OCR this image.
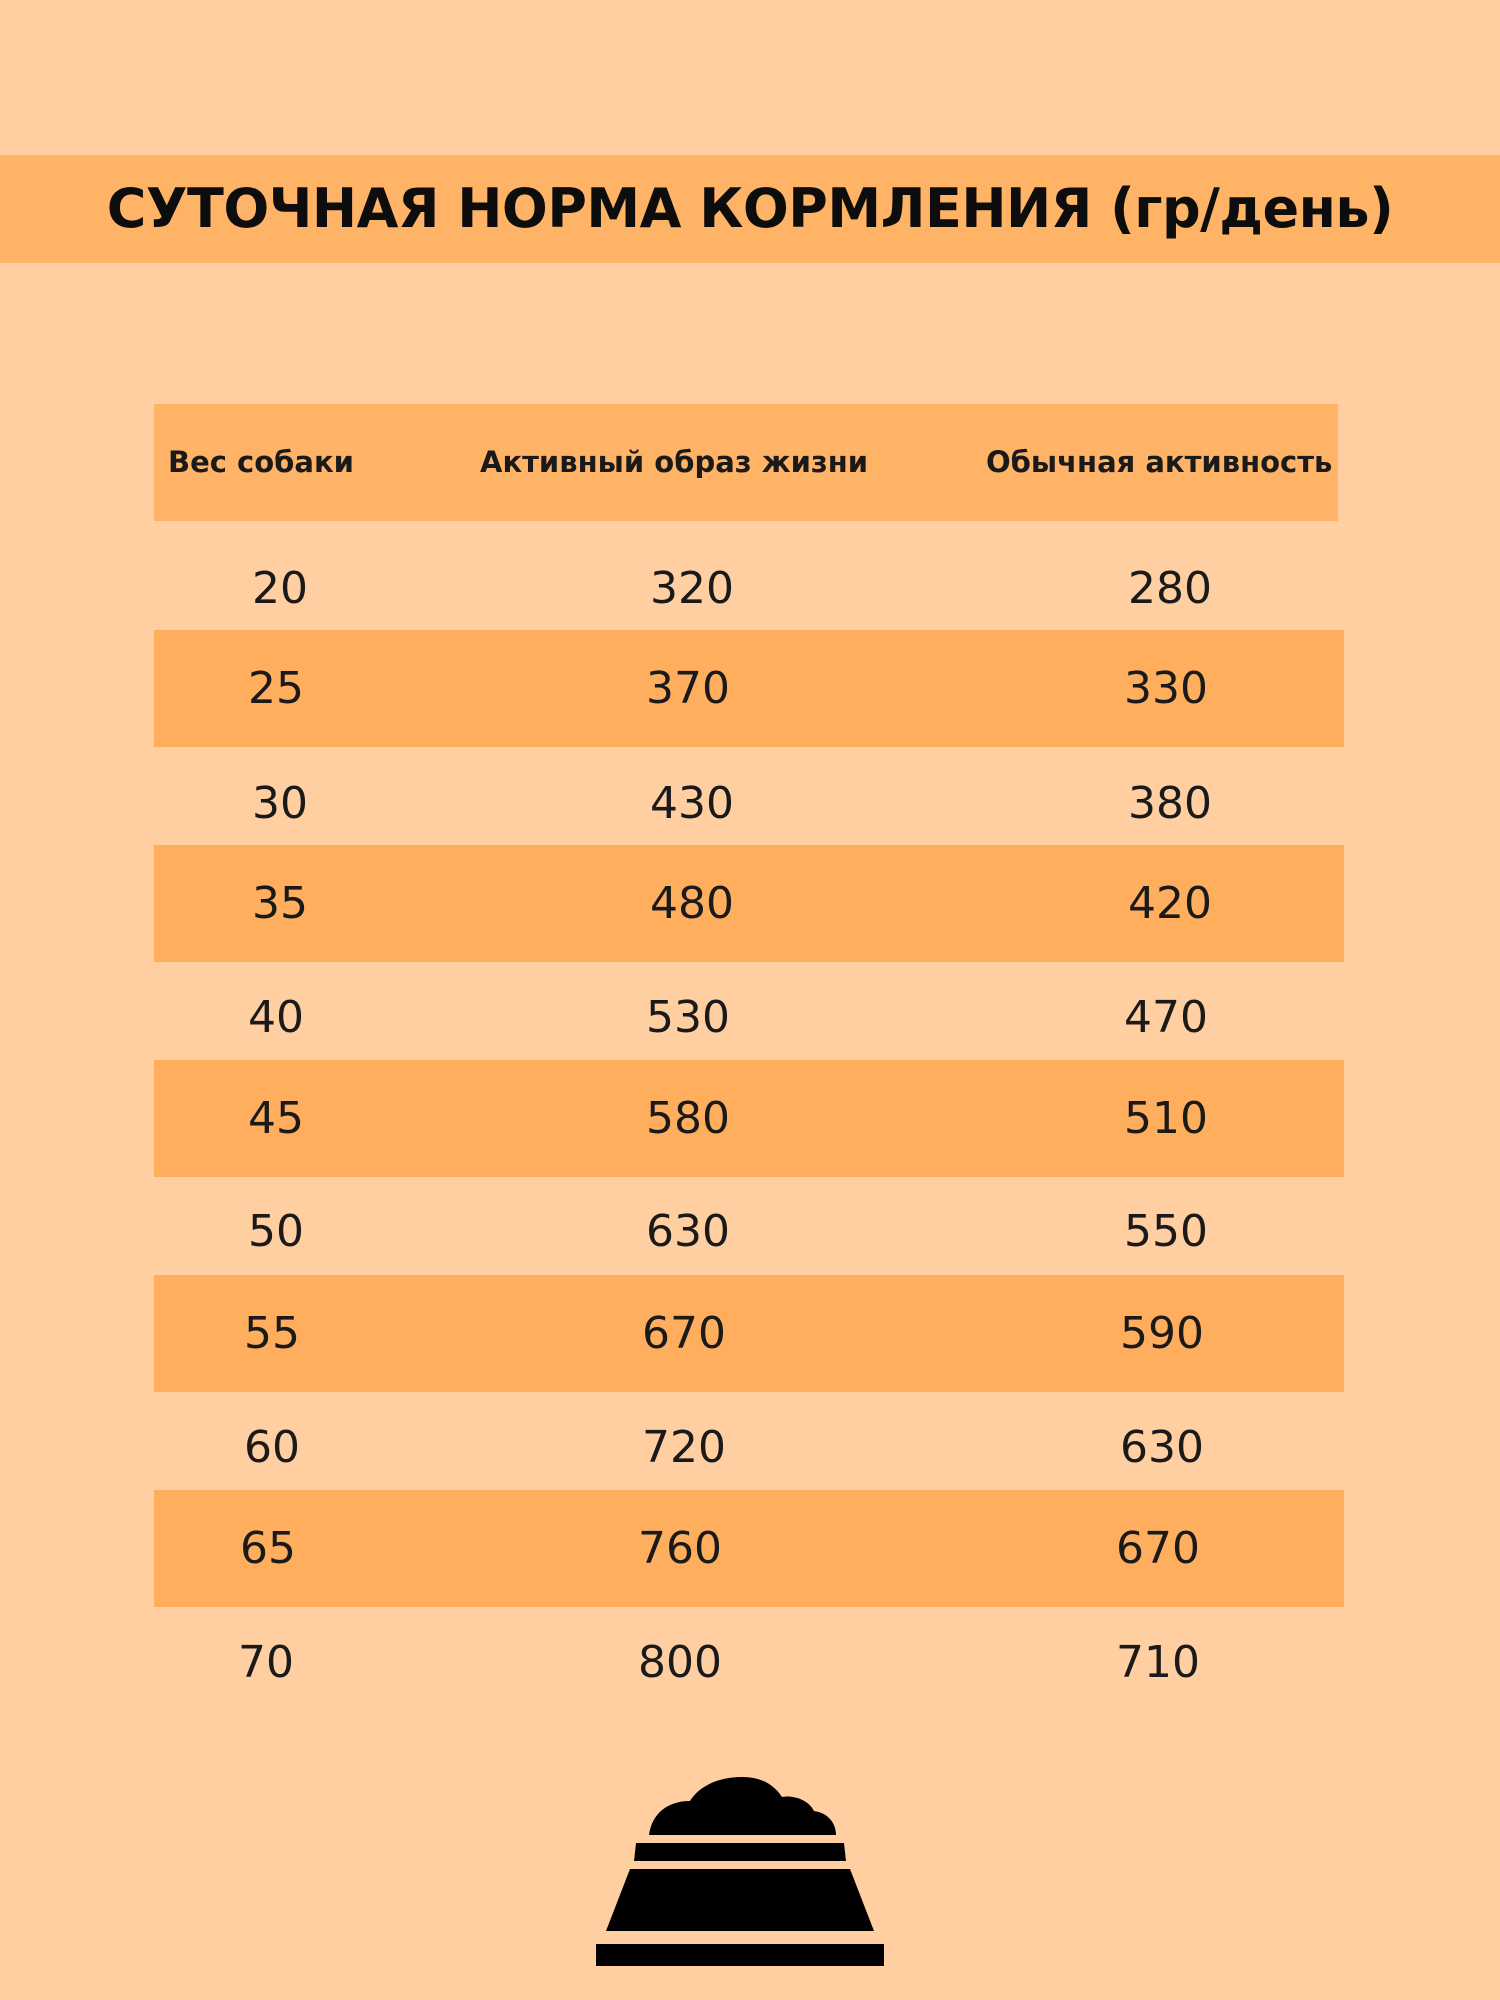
СУТОЧНАЯ НОРМА КОРМЛЕНИЯ (гр/день)
Вес собаки	Активный образ жизни	Обычная активность
20	320	280
25	370	330
30	430	380
35	480	420
40	530	470
45	580	510
50	630	550
55	670	590
60	720	630
65	760	670
70	800	710
